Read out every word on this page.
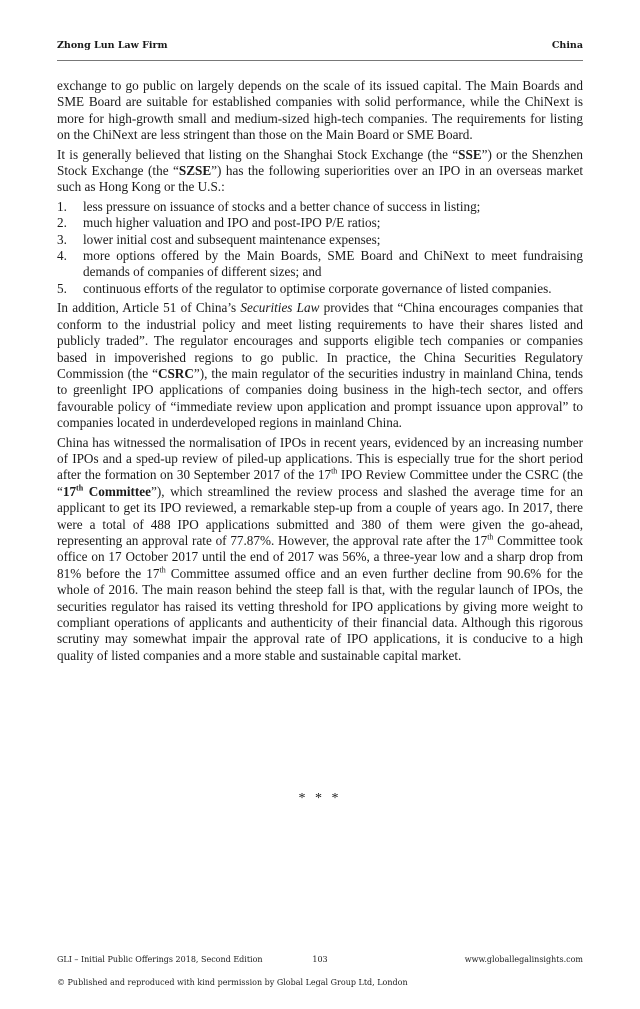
Zhong Lun Law Firm	China

exchange to go public on largely depends on the scale of its issued capital. The Main Boards and SME Board are suitable for established companies with solid performance, while the ChiNext is more for high-growth small and medium-sized high-tech companies. The requirements for listing on the ChiNext are less stringent than those on the Main Board or SME Board.

It is generally believed that listing on the Shanghai Stock Exchange (the “SSE”) or the Shenzhen Stock Exchange (the “SZSE”) has the following superiorities over an IPO in an overseas market such as Hong Kong or the U.S.:

1. less pressure on issuance of stocks and a better chance of success in listing;
2. much higher valuation and IPO and post-IPO P/E ratios;
3. lower initial cost and subsequent maintenance expenses;
4. more options offered by the Main Boards, SME Board and ChiNext to meet fundraising demands of companies of different sizes; and
5. continuous efforts of the regulator to optimise corporate governance of listed companies.

In addition, Article 51 of China’s Securities Law provides that “China encourages companies that conform to the industrial policy and meet listing requirements to have their shares listed and publicly traded”. The regulator encourages and supports eligible tech companies or companies based in impoverished regions to go public. In practice, the China Securities Regulatory Commission (the “CSRC”), the main regulator of the securities industry in mainland China, tends to greenlight IPO applications of companies doing business in the high-tech sector, and offers favourable policy of “immediate review upon application and prompt issuance upon approval” to companies located in underdeveloped regions in mainland China.

China has witnessed the normalisation of IPOs in recent years, evidenced by an increasing number of IPOs and a sped-up review of piled-up applications. This is especially true for the short period after the formation on 30 September 2017 of the 17th IPO Review Committee under the CSRC (the “17th Committee”), which streamlined the review process and slashed the average time for an applicant to get its IPO reviewed, a remarkable step-up from a couple of years ago. In 2017, there were a total of 488 IPO applications submitted and 380 of them were given the go-ahead, representing an approval rate of 77.87%. However, the approval rate after the 17th Committee took office on 17 October 2017 until the end of 2017 was 56%, a three-year low and a sharp drop from 81% before the 17th Committee assumed office and an even further decline from 90.6% for the whole of 2016. The main reason behind the steep fall is that, with the regular launch of IPOs, the securities regulator has raised its vetting threshold for IPO applications by giving more weight to compliant operations of applicants and authenticity of their financial data. Although this rigorous scrutiny may somewhat impair the approval rate of IPO applications, it is conducive to a high quality of listed companies and a more stable and sustainable capital market.

* * *
GLI – Initial Public Offerings 2018, Second Edition	103	www.globallegalinsights.com
© Published and reproduced with kind permission by Global Legal Group Ltd, London
